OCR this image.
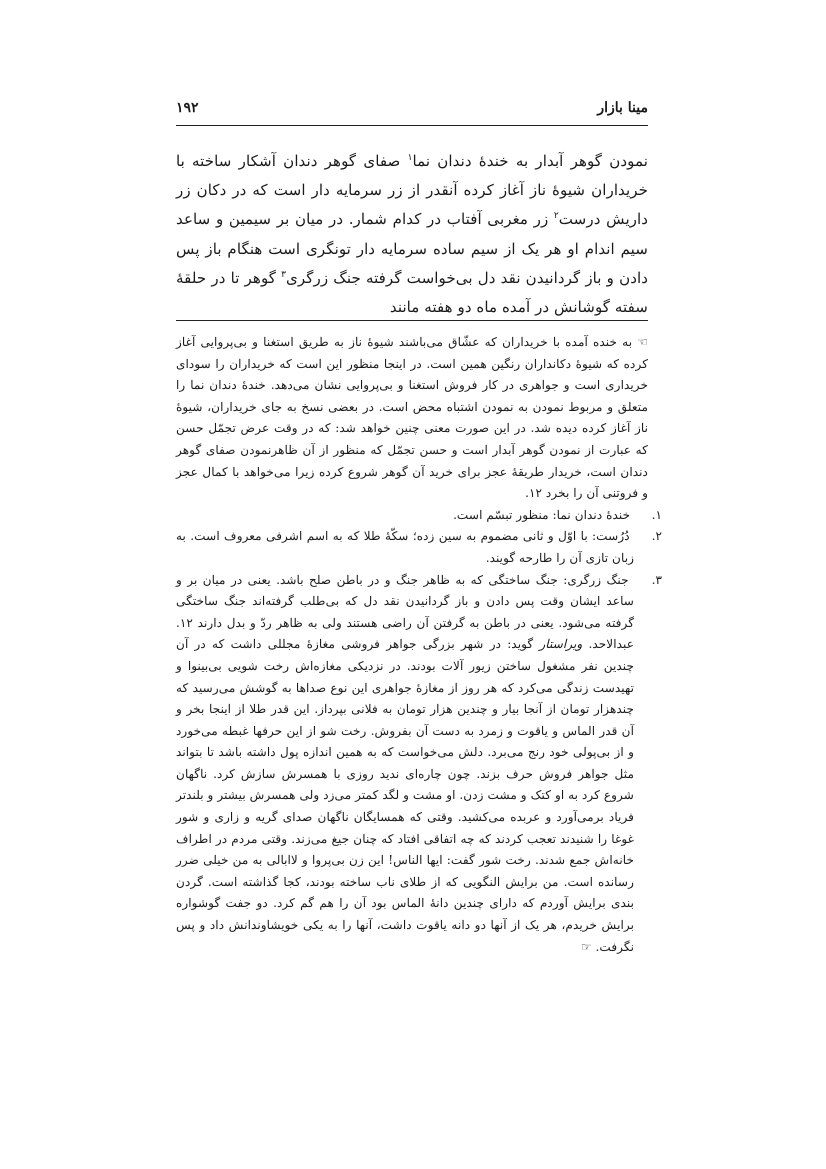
مینا بازار
۱۹۲

نمودن گوهر آبدار به خندهٔ دندان نما$^۱$ صفای گوهر دندان آشکار ساخته با خریداران شیوهٔ ناز آغاز کرده آنقدر از زر سرمایه دار است که در دکان زر داریش درست$^۲$ زر مغربی آفتاب در کدام شمار. در میان بر سیمین و ساعد سیم اندام او هر یک از سیم ساده سرمایه دار تونگری است هنگام باز پس دادن و باز گردانیدن نقد دل بی‌خواست گرفته جنگ زرگری$^۳$ گوهر تا در حلقهٔ سفته گوشانش در آمده ماه دو هفته مانند

☜ به خنده آمده با خریداران که عشّاق می‌باشند شیوهٔ ناز به طریق استغنا و بی‌پروایی آغاز کرده که شیوهٔ دکانداران رنگین همین است. در اینجا منظور این است که خریداران را سودای خریداری است و جواهری در کار فروش استغنا و بی‌پروایی نشان می‌دهد. خندهٔ دندان نما را متعلق و مربوط نمودن به نمودن اشتباه محض است. در بعضی نسخ به جای خریداران، شیوهٔ ناز آغاز کرده دیده شد. در این صورت معنی چنین خواهد شد: که در وقت عرض تجمّل حسن که عبارت از نمودن گوهر آبدار است و حسن تجمّل که منظور از آن ظاهرنمودن صفای گوهر دندان است، خریدار طریقهٔ عجز برای خرید آن گوهر شروع کرده زیرا می‌خواهد با کمال عجز و فروتنی آن را بخرد ۱۲.

۱. خندهٔ دندان نما: منظور تبسّم است.

۲. دُرُست: با اوّل و ثانی مضموم به سین زده؛ سکّهٔ طلا که به اسم اشرفی معروف است. به زبان تازی آن را طارحه گویند.

۳. جنگ زرگری: جنگ ساختگی که به ظاهر جنگ و در باطن صلح باشد. یعنی در میان بر و ساعد ایشان وقت پس دادن و باز گردانیدن نقد دل که بی‌طلب گرفته‌اند جنگ ساختگی گرفته می‌شود. یعنی در باطن به گرفتن آن راضی هستند ولی به ظاهر ردّ و بدل دارند ۱۲. عبدالاحد. ویراستار گوید: در شهر بزرگی جواهر فروشی مغازهٔ مجللی داشت که در آن چندین نفر مشغول ساختن زیور آلات بودند. در نزدیکی مغازه‌اش رخت شویی بی‌بینوا و تهیدست زندگی می‌کرد که هر روز از مغازهٔ جواهری این نوع صداها به گوشش می‌رسید که چندهزار تومان از آنجا بیار و چندین هزار تومان به فلانی بپرداز. این قدر طلا از اینجا بخر و آن قدر الماس و یاقوت و زمرد به دست آن بفروش. رخت شو از این حرفها غبطه می‌خورد و از بی‌پولی خود رنج می‌برد. دلش می‌خواست که به همین اندازه پول داشته باشد تا بتواند مثل جواهر فروش حرف بزند. چون چاره‌ای ندید روزی با همسرش سازش کرد. ناگهان شروع کرد به او کتک و مشت زدن. او مشت و لگد کمتر می‌زد ولی همسرش بیشتر و بلندتر فریاد برمی‌آورد و عربده می‌کشید. وقتی که همسایگان ناگهان صدای گریه و زاری و شور غوغا را شنیدند تعجب کردند که چه اتفاقی افتاد که چنان جیغ می‌زند. وقتی مردم در اطراف خانه‌اش جمع شدند. رخت شور گفت: ایها الناس! این زن بی‌پروا و لاابالی به من خیلی ضرر رسانده است. من برایش النگویی که از طلای ناب ساخته بودند، کجا گذاشته است. گردن بندی برایش آوردم که دارای چندین دانهٔ الماس بود آن را هم گم کرد. دو جفت گوشواره برایش خریدم، هر یک از آنها دو دانه یاقوت داشت، آنها را به یکی خویشاوندانش داد و پس نگرفت. ☞
